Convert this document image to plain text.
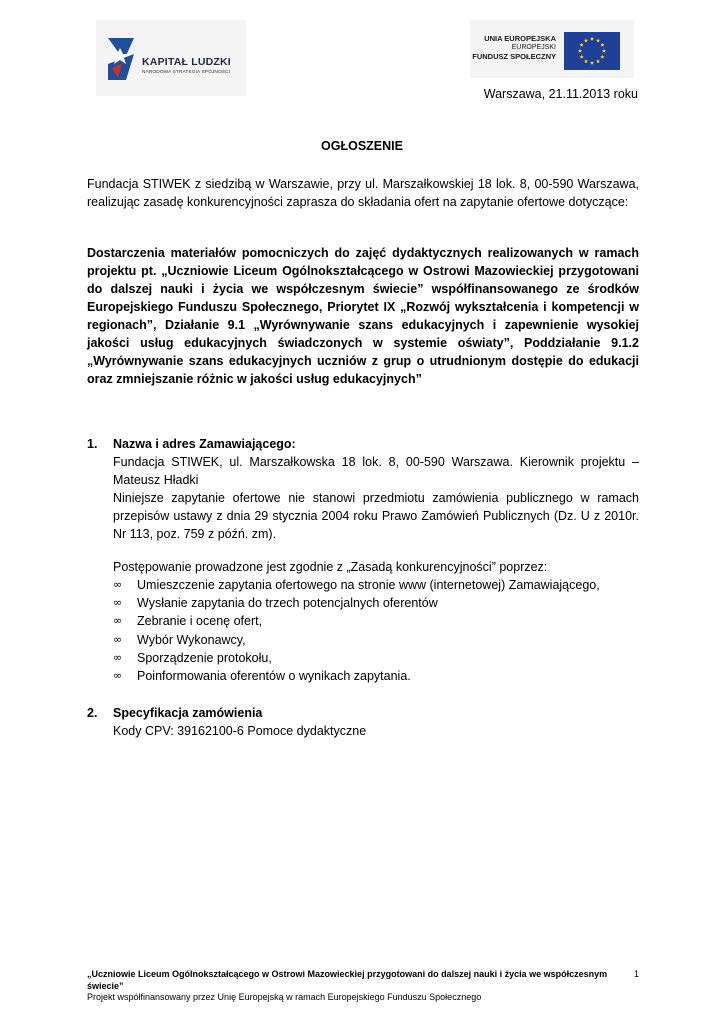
KAPITAŁ LUDZKI
NARODOWA STRATEGIA SPÓJNOŚCI
UNIA EUROPEJSKA
EUROPEJSKI
FUNDUSZ SPOŁECZNY
Warszawa, 21.11.2013 roku
OGŁOSZENIE
Fundacja STIWEK z siedzibą w Warszawie, przy ul. Marszałkowskiej 18 lok. 8, 00-590 Warszawa, realizując zasadę konkurencyjności zaprasza do składania ofert na zapytanie ofertowe dotyczące:
Dostarczenia materiałów pomocniczych do zajęć dydaktycznych realizowanych w ramach projektu pt. „Uczniowie Liceum Ogólnokształcącego w Ostrowi Mazowieckiej przygotowani do dalszej nauki i życia we współczesnym świecie” współfinansowanego ze środków Europejskiego Funduszu Społecznego, Priorytet IX „Rozwój wykształcenia i kompetencji w regionach”, Działanie 9.1 „Wyrównywanie szans edukacyjnych i zapewnienie wysokiej jakości usług edukacyjnych świadczonych w systemie oświaty”, Poddziałanie 9.1.2 „Wyrównywanie szans edukacyjnych uczniów z grup o utrudnionym dostępie do edukacji oraz zmniejszanie różnic w jakości usług edukacyjnych”
1. Nazwa i adres Zamawiającego:
Fundacja STIWEK, ul. Marszałkowska 18 lok. 8, 00-590 Warszawa. Kierownik projektu – Mateusz Hładki
Niniejsze zapytanie ofertowe nie stanowi przedmiotu zamówienia publicznego w ramach przepisów ustawy z dnia 29 stycznia 2004 roku Prawo Zamówień Publicznych (Dz. U z 2010r. Nr 113, poz. 759 z późń. zm).
Postępowanie prowadzone jest zgodnie z „Zasadą konkurencyjności” poprzez:
∞ Umieszczenie zapytania ofertowego na stronie www (internetowej) Zamawiającego,
∞ Wysłanie zapytania do trzech potencjalnych oferentów
∞ Zebranie i ocenę ofert,
∞ Wybór Wykonawcy,
∞ Sporządzenie protokołu,
∞ Poinformowania oferentów o wynikach zapytania.
2. Specyfikacja zamówienia
Kody CPV: 39162100-6 Pomoce dydaktyczne
„Uczniowie Liceum Ogólnokształcącego w Ostrowi Mazowieckiej przygotowani do dalszej nauki i życia we współczesnym świecie”
Projekt współfinansowany przez Unię Europejską w ramach Europejskiego Funduszu Społecznego
1
